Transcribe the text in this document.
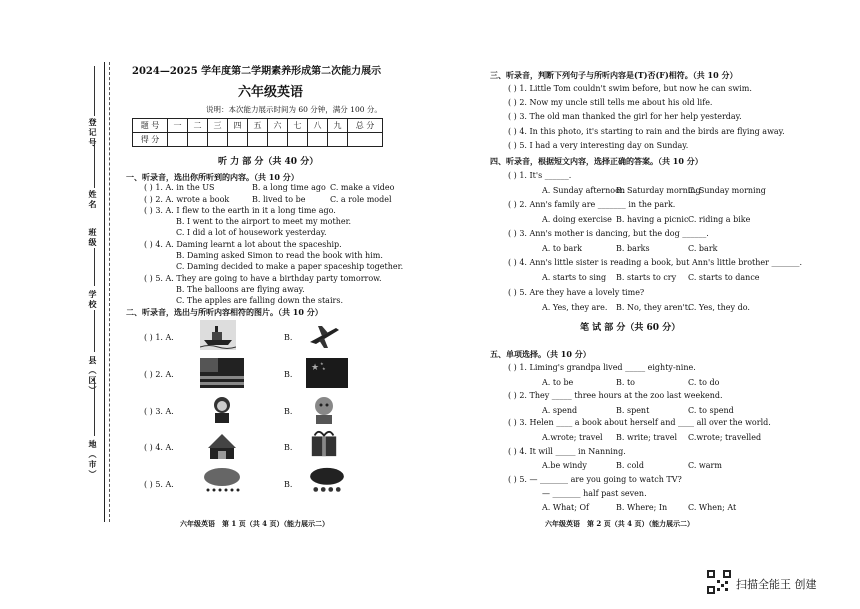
登记号
姓名
班级
学校
县（区）
地（市）
2024—2025 学年度第二学期素养形成第二次能力展示
六年级英语
说明：本次能力展示时间为 60 分钟，满分 100 分。
题 号	一	二	三	四	五	六	七	八	九	总 分
得 分										
听 力 部 分（共 40 分）
一、听录音，选出你所听到的内容。（共 10 分）
( ) 1. A. in the US	B. a long time ago C. make a video
( ) 2. A. wrote a book	B. lived to be	C. a role model
( ) 3. A. I flew to the earth in it a long time ago.
B. I went to the airport to meet my mother.
C. I did a lot of housework yesterday.
( ) 4. A. Daming learnt a lot about the spaceship.
B. Daming asked Simon to read the book with him.
C. Daming decided to make a paper spaceship together.
( ) 5. A. They are going to have a birthday party tomorrow.
B. The balloons are flying away.
C. The apples are falling down the stairs.
二、听录音，选出与所听内容相符的图片。（共 10 分）
( ) 1. A.	B.
( ) 2. A.	B.
★ ★
★
( ) 3. A.	B.
( ) 4. A.	B.
( ) 5. A.	B.
六年级英语　第 1 页（共 4 页）（能力展示二）
三、听录音，判断下列句子与所听内容是(T)否(F)相符。（共 10 分）
( ) 1. Little Tom couldn't swim before, but now he can swim.
( ) 2. Now my uncle still tells me about his old life.
( ) 3. The old man thanked the girl for her help yesterday.
( ) 4. In this photo, it's starting to rain and the birds are flying away.
( ) 5. I had a very interesting day on Sunday.
四、听录音，根据短文内容，选择正确的答案。（共 10 分）
( ) 1. It's ______.
A. Sunday afternoon
B. Saturday morning
C. Sunday morning
( ) 2. Ann's family are _______ in the park.
A. doing exercise B. having a picnic C. riding a bike
( ) 3. Ann's mother is dancing, but the dog ______.
A. to bark	B. barks	C. bark
( ) 4. Ann's little sister is reading a book, but Ann's little brother _______.
A. starts to sing B. starts to cry C. starts to dance
( ) 5. Are they have a lovely time?
A. Yes, they are. B. No, they aren't.
C. Yes, they do.
笔 试 部 分（共 60 分）
五、单项选择。（共 10 分）
( ) 1. Liming's grandpa lived _____ eighty-nine.
A. to be	B. to	C. to do
( ) 2. They _____ three hours at the zoo last weekend.
A. spend	B. spent	C. to spend
( ) 3. Helen ____ a book about herself and ____ all over the world.
A.wrote; travel B. write; travel C.wrote; travelled
( ) 4. It will _____ in Nanning.
A.be windy	B. cold	C. warm
( ) 5. — _______ are you going to watch TV?
— _______ half past seven.
A. What; Of	B. Where; In	C. When; At
六年级英语　第 2 页（共 4 页）（能力展示二）
扫描全能王 创建
